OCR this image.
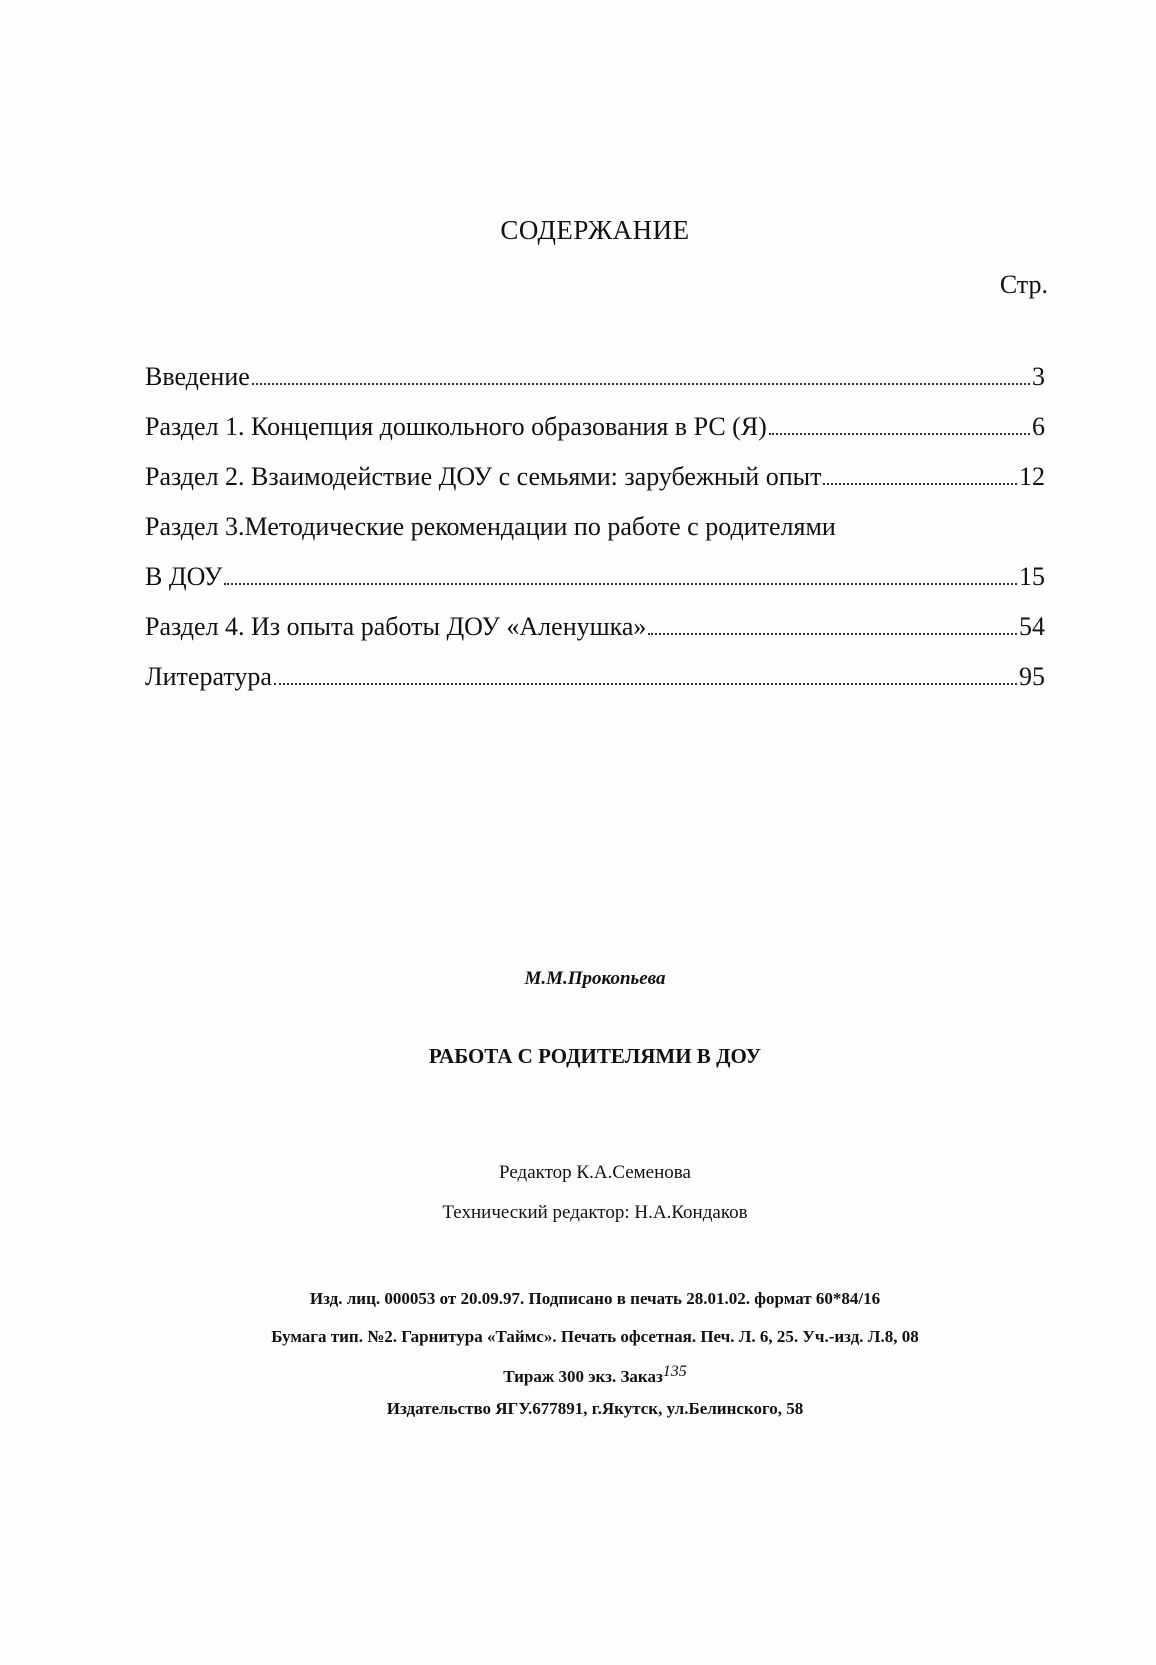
СОДЕРЖАНИЕ
Стр.
Введение	3
Раздел 1. Концепция дошкольного образования в РС (Я)	6
Раздел 2. Взаимодействие ДОУ с семьями: зарубежный опыт	12
Раздел 3.Методические рекомендации по работе с родителями
В ДОУ	15
Раздел 4. Из опыта работы ДОУ «Аленушка»	54
Литература	95
М.М.Прокопьева
РАБОТА С РОДИТЕЛЯМИ В ДОУ
Редактор К.А.Семенова
Технический редактор: Н.А.Кондаков
Изд. лиц. 000053 от 20.09.97. Подписано в печать 28.01.02. формат 60*84/16
Бумага тип. №2. Гарнитура «Таймс». Печать офсетная. Печ. Л. 6, 25. Уч.-изд. Л.8, 08
Тираж 300 экз. Заказ135
Издательство ЯГУ.677891, г.Якутск, ул.Белинского, 58
